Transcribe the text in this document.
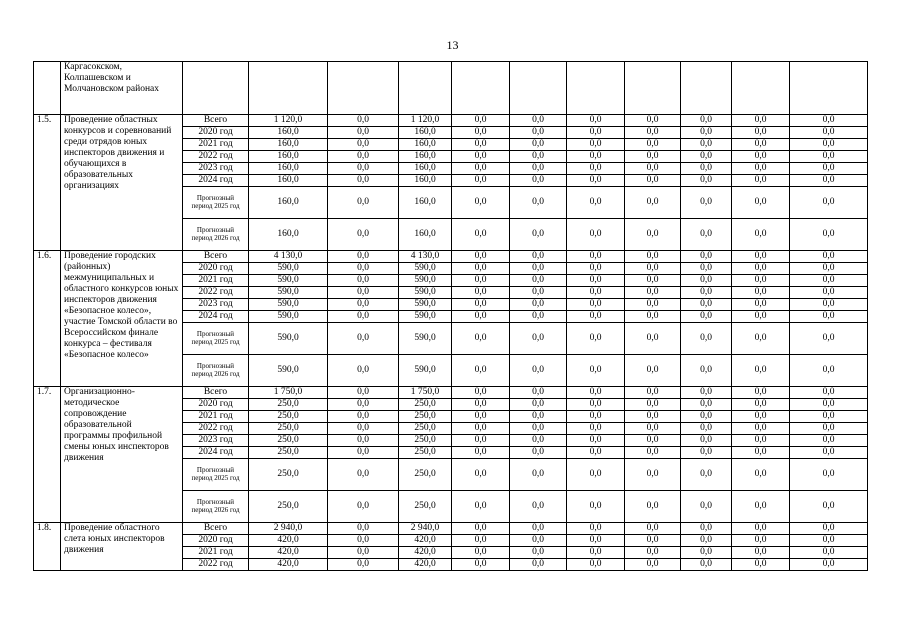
13
	Каргасокском, Колпашевском и Молчановском районах											
1.5.	Проведение областных конкурсов и соревнований среди отрядов юных инспекторов движения и обучающихся в образовательных организациях	Всего	1 120,0	0,0	1 120,0	0,0	0,0	0,0	0,0	0,0	0,0	0,0
		2020 год	160,0	0,0	160,0	0,0	0,0	0,0	0,0	0,0	0,0	0,0
		2021 год	160,0	0,0	160,0	0,0	0,0	0,0	0,0	0,0	0,0	0,0
		2022 год	160,0	0,0	160,0	0,0	0,0	0,0	0,0	0,0	0,0	0,0
		2023 год	160,0	0,0	160,0	0,0	0,0	0,0	0,0	0,0	0,0	0,0
		2024 год	160,0	0,0	160,0	0,0	0,0	0,0	0,0	0,0	0,0	0,0
		Прогнозный период 2025 год	160,0	0,0	160,0	0,0	0,0	0,0	0,0	0,0	0,0	0,0
		Прогнозный период 2026 год	160,0	0,0	160,0	0,0	0,0	0,0	0,0	0,0	0,0	0,0
1.6.	Проведение городских (районных) межмуниципальных и областного конкурсов юных инспекторов движения «Безопасное колесо», участие Томской области во Всероссийском финале конкурса – фестиваля «Безопасное колесо»	Всего	4 130,0	0,0	4 130,0	0,0	0,0	0,0	0,0	0,0	0,0	0,0
		2020 год	590,0	0,0	590,0	0,0	0,0	0,0	0,0	0,0	0,0	0,0
		2021 год	590,0	0,0	590,0	0,0	0,0	0,0	0,0	0,0	0,0	0,0
		2022 год	590,0	0,0	590,0	0,0	0,0	0,0	0,0	0,0	0,0	0,0
		2023 год	590,0	0,0	590,0	0,0	0,0	0,0	0,0	0,0	0,0	0,0
		2024 год	590,0	0,0	590,0	0,0	0,0	0,0	0,0	0,0	0,0	0,0
		Прогнозный период 2025 год	590,0	0,0	590,0	0,0	0,0	0,0	0,0	0,0	0,0	0,0
		Прогнозный период 2026 год	590,0	0,0	590,0	0,0	0,0	0,0	0,0	0,0	0,0	0,0
1.7.	Организационно-методическое сопровождение образовательной программы профильной смены юных инспекторов движения	Всего	1 750,0	0,0	1 750,0	0,0	0,0	0,0	0,0	0,0	0,0	0,0
		2020 год	250,0	0,0	250,0	0,0	0,0	0,0	0,0	0,0	0,0	0,0
		2021 год	250,0	0,0	250,0	0,0	0,0	0,0	0,0	0,0	0,0	0,0
		2022 год	250,0	0,0	250,0	0,0	0,0	0,0	0,0	0,0	0,0	0,0
		2023 год	250,0	0,0	250,0	0,0	0,0	0,0	0,0	0,0	0,0	0,0
		2024 год	250,0	0,0	250,0	0,0	0,0	0,0	0,0	0,0	0,0	0,0
		Прогнозный период 2025 год	250,0	0,0	250,0	0,0	0,0	0,0	0,0	0,0	0,0	0,0
		Прогнозный период 2026 год	250,0	0,0	250,0	0,0	0,0	0,0	0,0	0,0	0,0	0,0
1.8.	Проведение областного слета юных инспекторов движения	Всего	2 940,0	0,0	2 940,0	0,0	0,0	0,0	0,0	0,0	0,0	0,0
		2020 год	420,0	0,0	420,0	0,0	0,0	0,0	0,0	0,0	0,0	0,0
		2021 год	420,0	0,0	420,0	0,0	0,0	0,0	0,0	0,0	0,0	0,0
		2022 год	420,0	0,0	420,0	0,0	0,0	0,0	0,0	0,0	0,0	0,0
